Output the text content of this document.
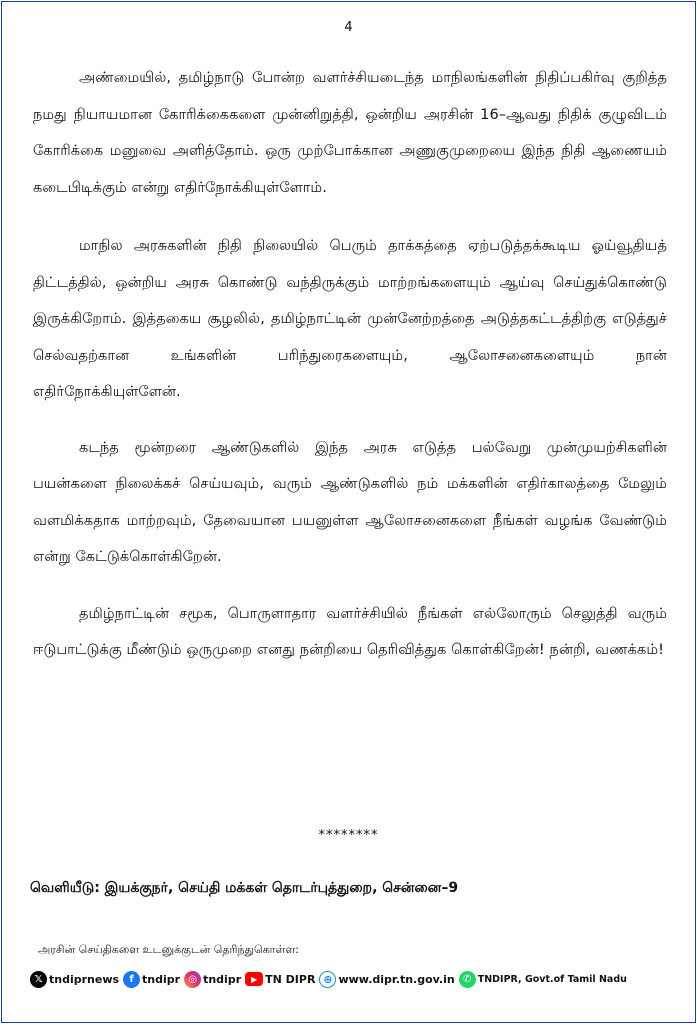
4

அண்மையில், தமிழ்நாடு போன்ற வளர்ச்சியடைந்த மாநிலங்களின் நிதிப்பகிர்வு குறித்த நமது நியாயமான கோரிக்கைகளை முன்னிறுத்தி, ஒன்றிய அரசின் 16–ஆவது நிதிக் குழுவிடம் கோரிக்கை மனுவை அளித்தோம். ஒரு முற்போக்கான அணுகுமுறையை இந்த நிதி ஆணையம் கடைபிடிக்கும் என்று எதிர்நோக்கியுள்ளோம்.

மாநில அரசுகளின் நிதி நிலையில் பெரும் தாக்கத்தை ஏற்படுத்தக்கூடிய ஓய்வூதியத் திட்டத்தில், ஒன்றிய அரசு கொண்டு வந்திருக்கும் மாற்றங்களையும் ஆய்வு செய்துக்கொண்டு இருக்கிறோம். இத்தகைய சூழலில், தமிழ்நாட்டின் முன்னேற்றத்தை அடுத்தகட்டத்திற்கு எடுத்துச் செல்வதற்கான உங்களின் பரிந்துரைகளையும், ஆலோசனைகளையும் நான் எதிர்நோக்கியுள்ளேன்.

கடந்த மூன்றரை ஆண்டுகளில் இந்த அரசு எடுத்த பல்வேறு முன்முயற்சிகளின் பயன்களை நிலைக்கச் செய்யவும், வரும் ஆண்டுகளில் நம் மக்களின் எதிர்காலத்தை மேலும் வளமிக்கதாக மாற்றவும், தேவையான பயனுள்ள ஆலோசனைகளை நீங்கள் வழங்க வேண்டும் என்று கேட்டுக்கொள்கிறேன்.

தமிழ்நாட்டின் சமூக, பொருளாதார வளர்ச்சியில் நீங்கள் எல்லோரும் செலுத்தி வரும் ஈடுபாட்டுக்கு மீண்டும் ஒருமுறை எனது நன்றியை தெரிவித்துக கொள்கிறேன்! நன்றி, வணக்கம்!

********
வெளியீடு: இயக்குநர், செய்தி மக்கள் தொடர்புத்துறை, சென்னை–9
அரசின் செய்திகளை உடனுக்குடன் தெரிந்துகொள்ள:
𝕏 tndiprnews	f tndipr ◎ tndipr	▶ TN DIPR ⊕ www.dipr.tn.gov.in ✆ TNDIPR, Govt.of Tamil Nadu
